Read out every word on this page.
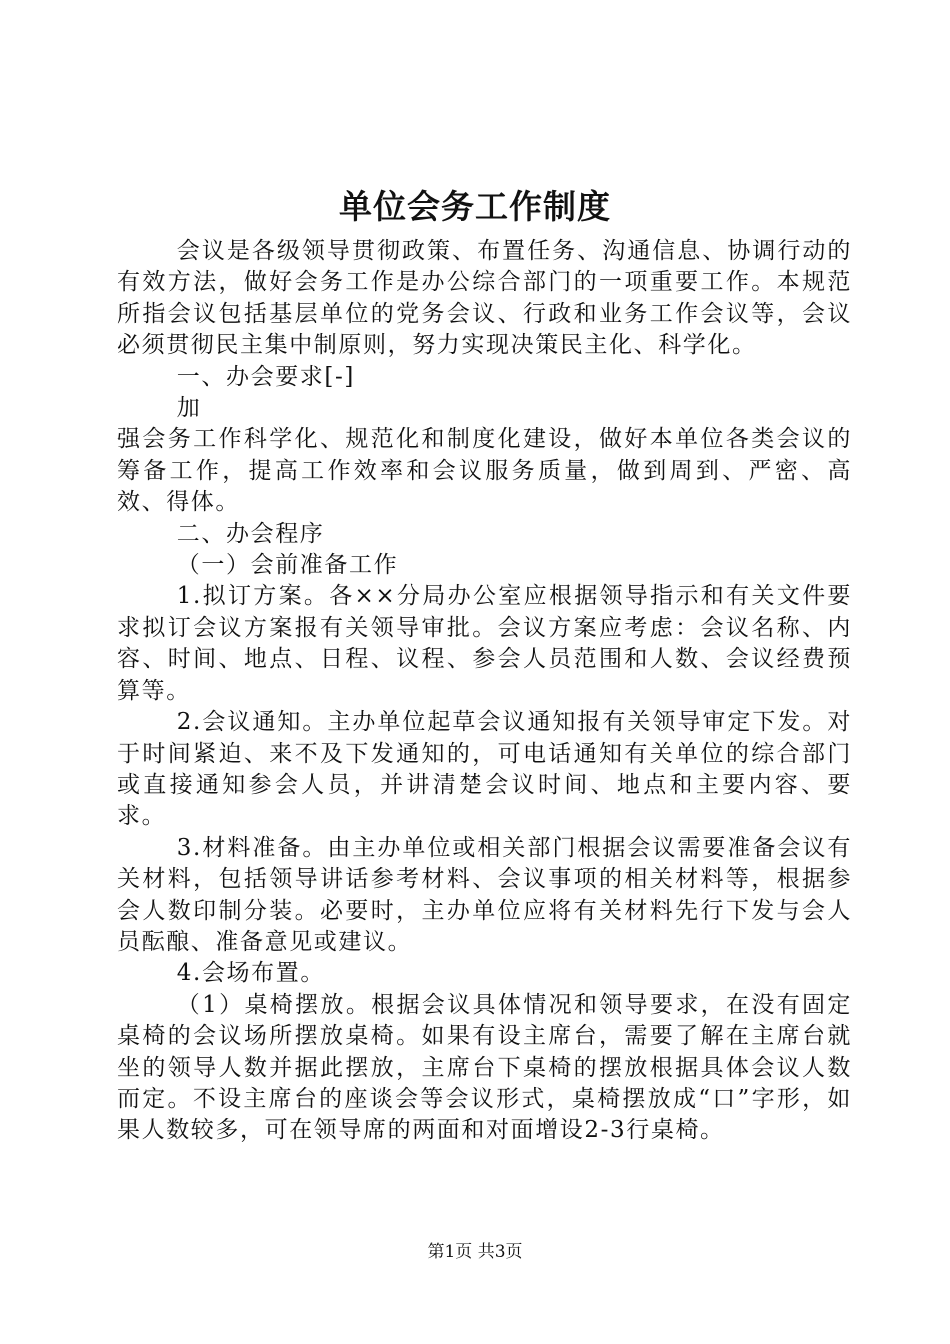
单位会务工作制度

会议是各级领导贯彻政策、布置任务、沟通信息、协调行动的有效方法，做好会务工作是办公综合部门的一项重要工作。本规范所指会议包括基层单位的党务会议、行政和业务工作会议等，会议必须贯彻民主集中制原则，努力实现决策民主化、科学化。

一、办会要求[-]

加

强会务工作科学化、规范化和制度化建设，做好本单位各类会议的筹备工作，提高工作效率和会议服务质量，做到周到、严密、高效、得体。

二、办会程序

（一）会前准备工作

1.拟订方案。各××分局办公室应根据领导指示和有关文件要求拟订会议方案报有关领导审批。会议方案应考虑：会议名称、内容、时间、地点、日程、议程、参会人员范围和人数、会议经费预算等。

2.会议通知。主办单位起草会议通知报有关领导审定下发。对于时间紧迫、来不及下发通知的，可电话通知有关单位的综合部门或直接通知参会人员，并讲清楚会议时间、地点和主要内容、要求。

3.材料准备。由主办单位或相关部门根据会议需要准备会议有关材料，包括领导讲话参考材料、会议事项的相关材料等，根据参会人数印制分装。必要时，主办单位应将有关材料先行下发与会人员酝酿、准备意见或建议。

4.会场布置。

（1）桌椅摆放。根据会议具体情况和领导要求，在没有固定桌椅的会议场所摆放桌椅。如果有设主席台，需要了解在主席台就坐的领导人数并据此摆放，主席台下桌椅的摆放根据具体会议人数而定。不设主席台的座谈会等会议形式，桌椅摆放成“口”字形，如果人数较多，可在领导席的两面和对面增设2-3行桌椅。

第1页 共3页
